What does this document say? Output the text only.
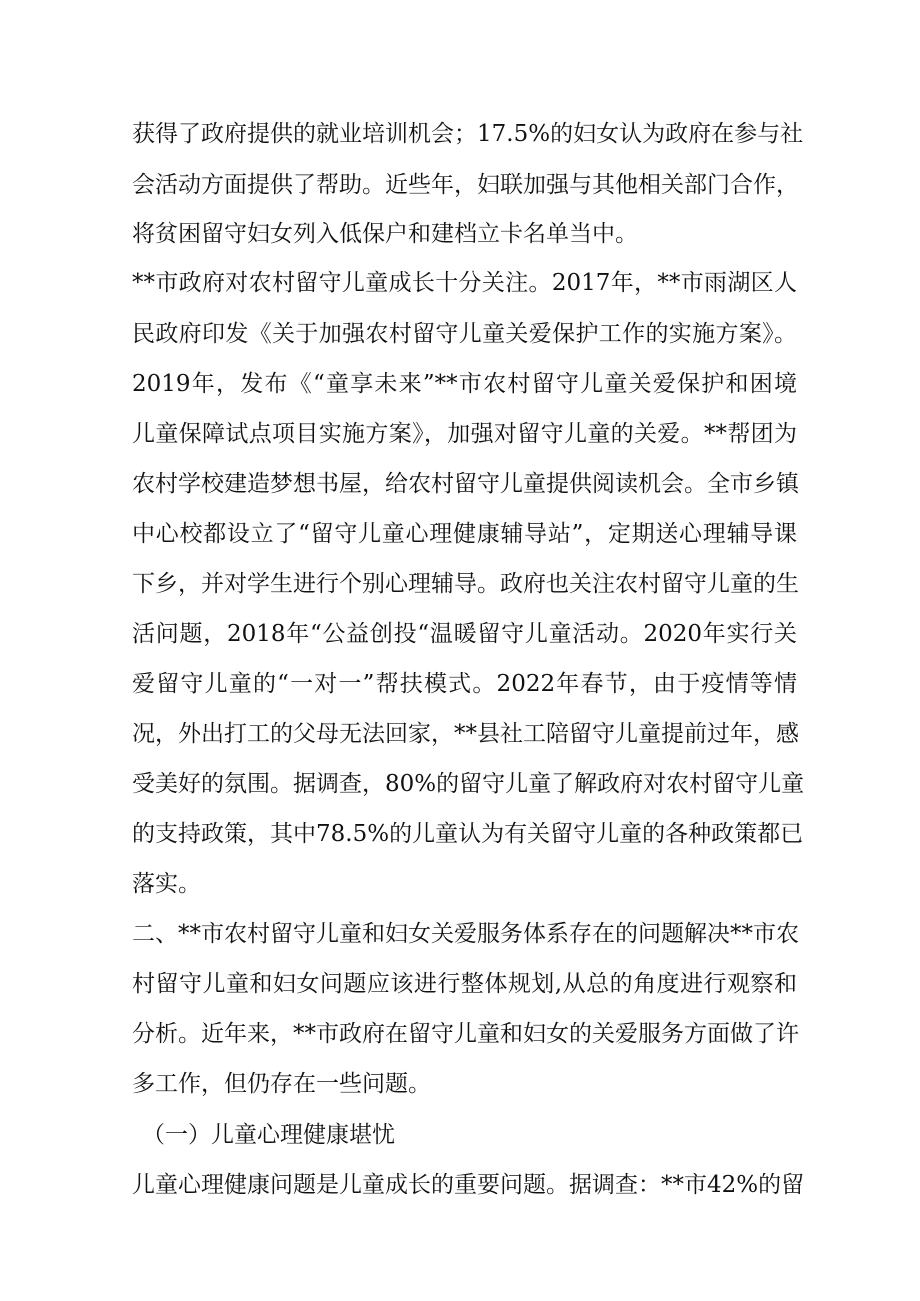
获得了政府提供的就业培训机会；17.5%的妇女认为政府在参与社
会活动方面提供了帮助。近些年，妇联加强与其他相关部门合作，
将贫困留守妇女列入低保户和建档立卡名单当中。
**市政府对农村留守儿童成长十分关注。2017年，**市雨湖区人
民政府印发《关于加强农村留守儿童关爱保护工作的实施方案》。
2019年，发布《“童享未来”**市农村留守儿童关爱保护和困境
儿童保障试点项目实施方案》，加强对留守儿童的关爱。**帮团为
农村学校建造梦想书屋，给农村留守儿童提供阅读机会。全市乡镇
中心校都设立了“留守儿童心理健康辅导站”，定期送心理辅导课
下乡，并对学生进行个别心理辅导。政府也关注农村留守儿童的生
活问题，2018年“公益创投“温暖留守儿童活动。2020年实行关
爱留守儿童的“一对一”帮扶模式。2022年春节，由于疫情等情
况，外出打工的父母无法回家，**县社工陪留守儿童提前过年，感
受美好的氛围。据调查，80%的留守儿童了解政府对农村留守儿童
的支持政策，其中78.5%的儿童认为有关留守儿童的各种政策都已
落实。
二、**市农村留守儿童和妇女关爱服务体系存在的问题解决**市农
村留守儿童和妇女问题应该进行整体规划,从总的角度进行观察和
分析。近年来，**市政府在留守儿童和妇女的关爱服务方面做了许
多工作，但仍存在一些问题。
（一）儿童心理健康堪忧
儿童心理健康问题是儿童成长的重要问题。据调查：**市42%的留
